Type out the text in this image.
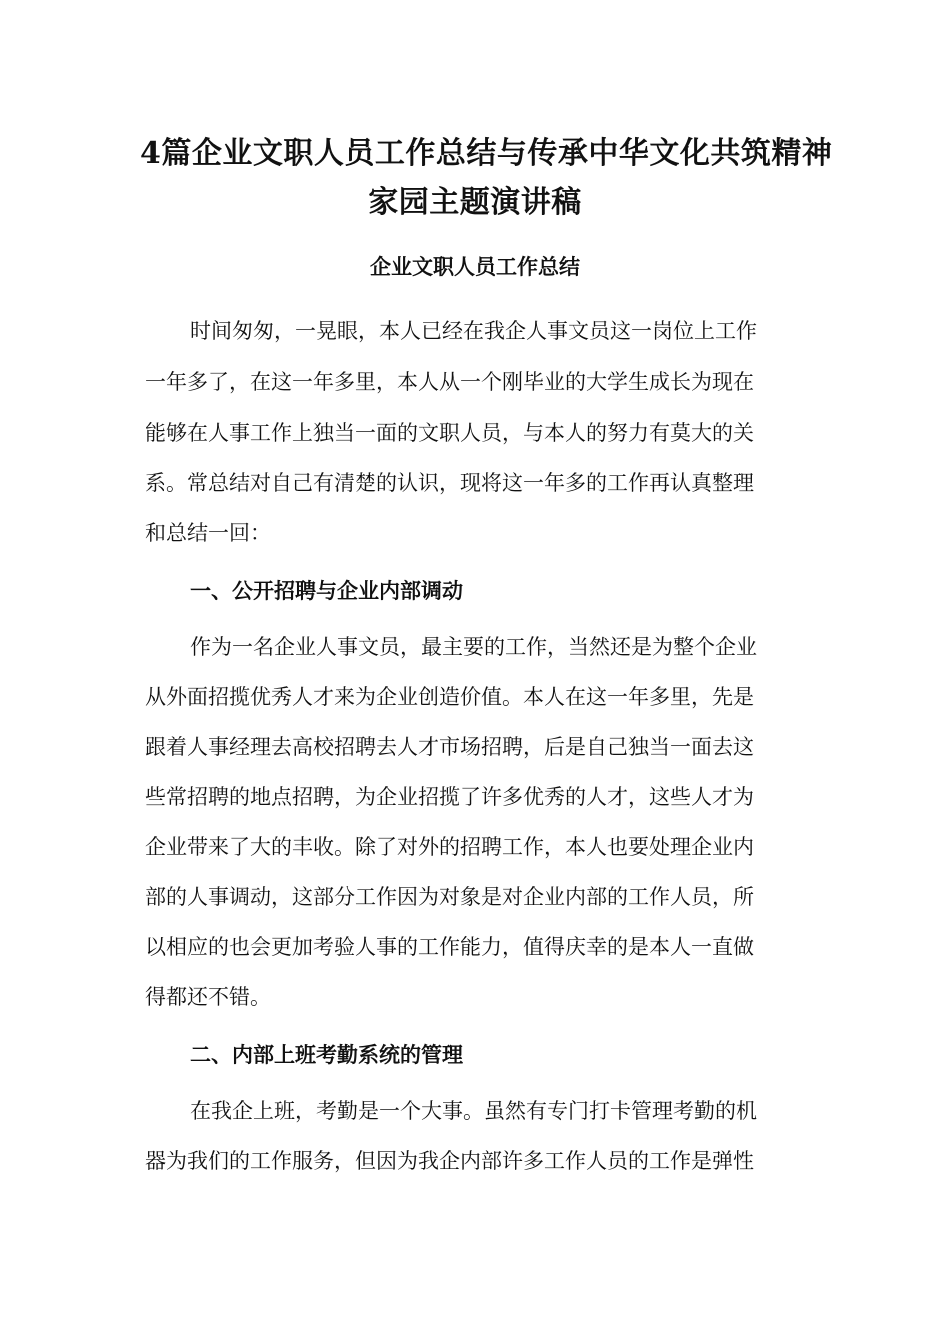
4篇企业文职人员工作总结与传承中华文化共筑精神
家园主题演讲稿
企业文职人员工作总结
时间匆匆，一晃眼，本人已经在我企人事文员这一岗位上工作
一年多了，在这一年多里，本人从一个刚毕业的大学生成长为现在
能够在人事工作上独当一面的文职人员，与本人的努力有莫大的关
系。常总结对自己有清楚的认识，现将这一年多的工作再认真整理
和总结一回：
一、公开招聘与企业内部调动
作为一名企业人事文员，最主要的工作，当然还是为整个企业
从外面招揽优秀人才来为企业创造价值。本人在这一年多里，先是
跟着人事经理去高校招聘去人才市场招聘，后是自己独当一面去这
些常招聘的地点招聘，为企业招揽了许多优秀的人才，这些人才为
企业带来了大的丰收。除了对外的招聘工作，本人也要处理企业内
部的人事调动，这部分工作因为对象是对企业内部的工作人员，所
以相应的也会更加考验人事的工作能力，值得庆幸的是本人一直做
得都还不错。
二、内部上班考勤系统的管理
在我企上班，考勤是一个大事。虽然有专门打卡管理考勤的机
器为我们的工作服务，但因为我企内部许多工作人员的工作是弹性
